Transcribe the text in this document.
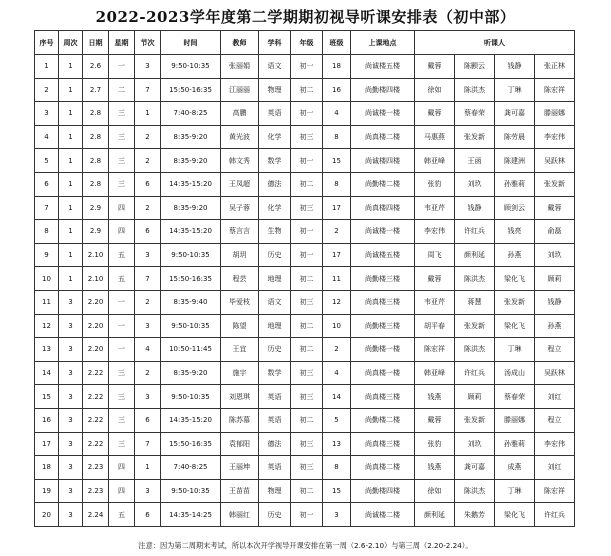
2022-2023学年度第二学期期初视导听课安排表（初中部）
序号	周次	日期	星期	节次	时间	教师	学科	年级	班级	上课地点	听课人			
1	1	2.6	一	3	9:50-10:35	张丽娟	语文	初一	18	尚诚楼五楼	戴蓉	陈颢云	钱静	张正林
2	1	2.7	二	7	15:50-16:35	江丽丽	物理	初二	16	尚勤楼四楼	徐如	陈洪杰	丁琳	陈宏祥
3	1	2.8	三	1	7:40-8:25	高鹏	英语	初一	4	尚诚楼一楼	戴蓉	蔡春荣	龚可嘉	滕丽娜
4	1	2.8	三	2	8:35-9:20	黄光波	化学	初三	8	尚真楼二楼	马惠燕	张发新	陈劳晨	李宏伟
5	1	2.8	三	2	8:35-9:20	韩文秀	数学	初一	15	尚诚楼四楼	韩亚峰	王函	陈建洲	吴跃林
6	1	2.8	三	6	14:35-15:20	王凤超	德法	初二	8	尚勤楼二楼	张豹	刘玖	孙雅莉	张发新
7	1	2.9	四	2	8:35-9:20	吴子蓉	化学	初三	17	尚真楼四楼	韦亚芹	钱静	顾剑云	戴蓉
8	1	2.9	四	6	14:35-15:20	蔡言言	生物	初一	2	尚诚楼一楼	李宏伟	许红兵	钱亮	俞磊
9	1	2.10	五	3	9:50-10:35	胡玥	历史	初一	17	尚诚楼五楼	周飞	颜利延	孙燕	刘玖
10	1	2.10	五	7	15:50-16:35	程芸	地理	初二	11	尚勤楼三楼	戴蓉	陈洪杰	梁化飞	顾莉
11	3	2.20	一	2	8:35-9:40	毕爱枝	语文	初三	12	尚真楼三楼	韦亚芹	蒋慧	张发新	钱静
12	3	2.20	一	3	9:50-10:35	陈望	地理	初二	10	尚勤楼三楼	胡平春	张发新	梁化飞	孙燕
13	3	2.20	一	4	10:50-11:45	王宜	历史	初二	2	尚勤楼一楼	陈宏祥	陈洪杰	丁琳	程立
14	3	2.22	三	2	8:35-9:20	施宇	数学	初三	4	尚真楼一楼	韩亚峰	许红兵	汤成山	吴跃林
15	3	2.22	三	3	9:50-10:35	刘恩琪	英语	初三	14	尚真楼三楼	钱燕	顾莉	蔡春荣	刘红
16	3	2.22	三	6	14:35-15:20	陈苏慕	英语	初二	5	尚勤楼二楼	戴蓉	张发新	滕丽娜	程立
17	3	2.22	三	7	15:50-16:35	袁郁阳	德法	初三	13	尚真楼三楼	张豹	刘玖	孙雅莉	李宏伟
18	3	2.23	四	1	7:40-8:25	王丽坤	英语	初三	8	尚真楼二楼	钱燕	龚可嘉	成燕	刘红
19	3	2.23	四	3	9:50-10:35	王苗苗	物理	初二	15	尚勤楼四楼	徐如	陈洪杰	丁琳	陈宏祥
20	3	2.24	五	6	14:35-14:25	韩丽红	历史	初一	3	尚诚楼二楼	颜利延	朱鹅芳	梁化飞	许红兵
注意：因为第二周期末考试，所以本次开学视导开课安排在第一周（2.6-2.10）与第三周（2.20-2.24）。
